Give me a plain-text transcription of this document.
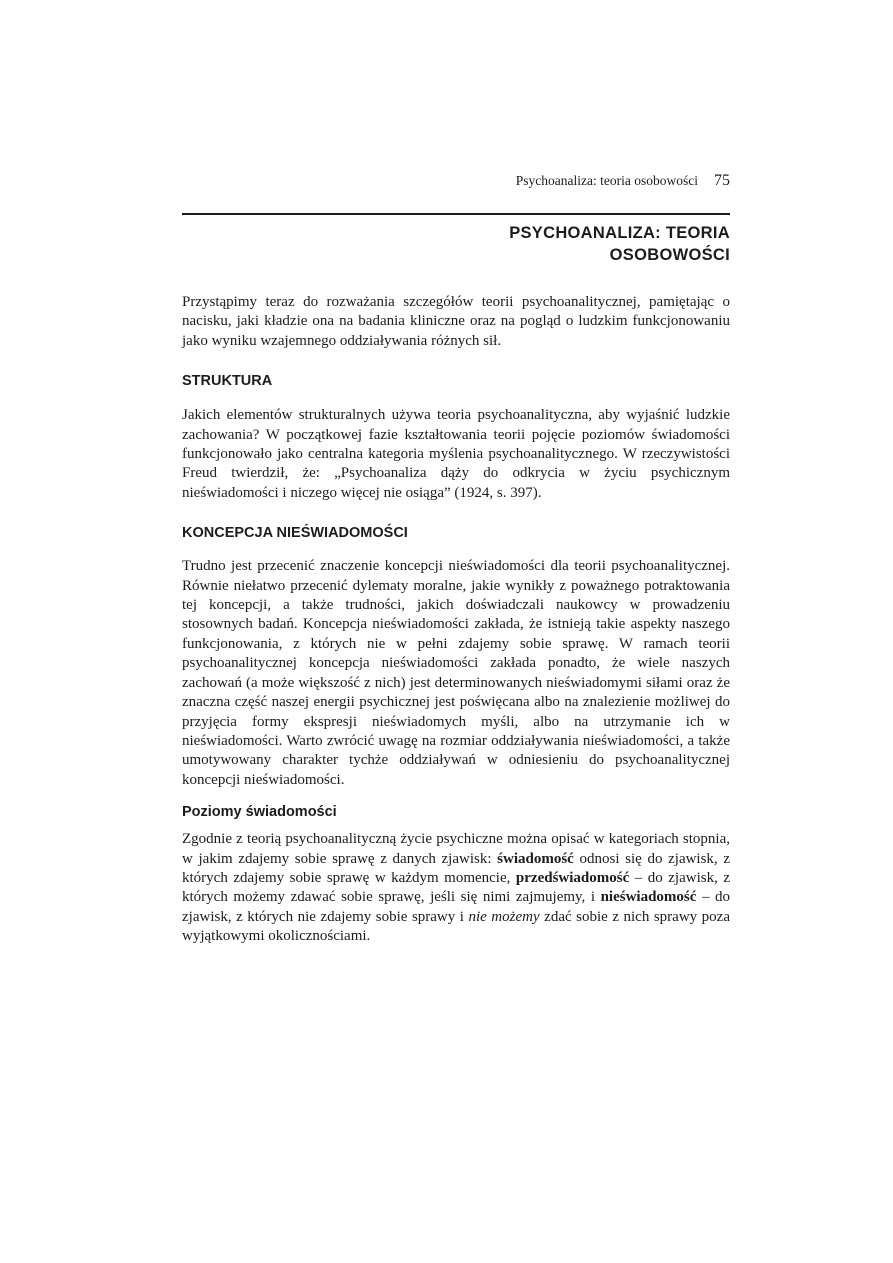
Psychoanaliza: teoria osobowości 75
PSYCHOANALIZA: TEORIA
OSOBOWOŚCI

Przystąpimy teraz do rozważania szczegółów teorii psychoanalitycznej, pamiętając o nacisku, jaki kładzie ona na badania kliniczne oraz na pogląd o ludzkim funkcjonowaniu jako wyniku wzajemnego oddziaływania różnych sił.

STRUKTURA

Jakich elementów strukturalnych używa teoria psychoanalityczna, aby wyjaśnić ludzkie zachowania? W początkowej fazie kształtowania teorii pojęcie poziomów świadomości funkcjonowało jako centralna kategoria myślenia psychoanalitycznego. W rzeczywistości Freud twierdził, że: „Psychoanaliza dąży do odkrycia w życiu psychicznym nieświadomości i niczego więcej nie osiąga” (1924, s. 397).

KONCEPCJA NIEŚWIADOMOŚCI

Trudno jest przecenić znaczenie koncepcji nieświadomości dla teorii psychoanalitycznej. Równie niełatwo przecenić dylematy moralne, jakie wynikły z poważnego potraktowania tej koncepcji, a także trudności, jakich doświadczali naukowcy w prowadzeniu stosownych badań. Koncepcja nieświadomości zakłada, że istnieją takie aspekty naszego funkcjonowania, z których nie w pełni zdajemy sobie sprawę. W ramach teorii psychoanalitycznej koncepcja nieświadomości zakłada ponadto, że wiele naszych zachowań (a może większość z nich) jest determinowanych nieświadomymi siłami oraz że znaczna część naszej energii psychicznej jest poświęcana albo na znalezienie możliwej do przyjęcia formy ekspresji nieświadomych myśli, albo na utrzymanie ich w nieświadomości. Warto zwrócić uwagę na rozmiar oddziaływania nieświadomości, a także umotywowany charakter tychże oddziaływań w odniesieniu do psychoanalitycznej koncepcji nieświadomości.

Poziomy świadomości

Zgodnie z teorią psychoanalityczną życie psychiczne można opisać w kategoriach stopnia, w jakim zdajemy sobie sprawę z danych zjawisk: świadomość odnosi się do zjawisk, z których zdajemy sobie sprawę w każdym momencie, przedświadomość – do zjawisk, z których możemy zdawać sobie sprawę, jeśli się nimi zajmujemy, i nieświadomość – do zjawisk, z których nie zdajemy sobie sprawy i nie możemy zdać sobie z nich sprawy poza wyjątkowymi okolicznościami.
